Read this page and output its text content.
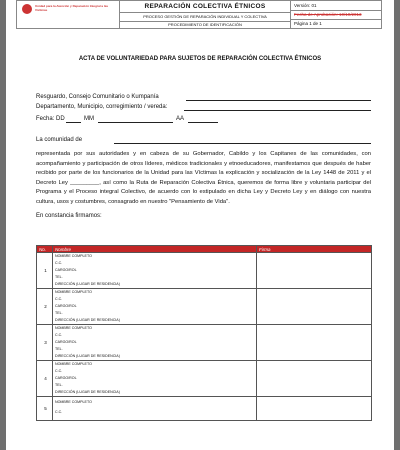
Unidad para la Atención y Reparación Integral a las Víctimas	REPARACIÓN COLECTIVA ÉTNICOS
PROCESO GESTIÓN DE REPARACIÓN INDIVIDUAL Y COLECTIVA
PROCEDIMIENTO DE IDENTIFICACIÓN
Versión: 01
Fecha de Aprobación: 10/10/2013
Página 1 de 1
ACTA DE VOLUNTARIEDAD PARA SUJETOS DE REPARACIÓN COLECTIVA ÉTNICOS
Resguardo, Consejo Comunitario o Kumpanía
Departamento, Municipio, corregimiento / vereda:
Fecha: DD	MM	AA
La comunidad de
representada por sus autoridades y en cabeza de su Gobernador, Cabildo y los Capitanes de las comunidades, con acompañamiento y participación de otros líderes, médicos tradicionales y etnoeducadores, manifestamos que después de haber recibido por parte de los funcionarios de la Unidad para las Víctimas la explicación y socialización de la Ley 1448 de 2011 y el Decreto Ley _________, así como la Ruta de Reparación Colectiva Étnica, queremos de forma libre y voluntaria participar del Programa y el Proceso integral Colectivo, de acuerdo con lo estipulado en dicha Ley y Decreto Ley y en diálogo con nuestra cultura, usos y costumbres, consagrado en nuestro "Pensamiento de Vida".
En constancia firmamos:
No.	Nombre	Firma
1	NOMBRE COMPLETO
C.C.
CARGO/ROL
TEL.
DIRECCIÓN (LUGAR DE RESIDENCIA)	

2	NOMBRE COMPLETO
C.C.
CARGO/ROL
TEL.
DIRECCIÓN (LUGAR DE RESIDENCIA)	

3	NOMBRE COMPLETO
C.C.
CARGO/ROL
TEL.
DIRECCIÓN (LUGAR DE RESIDENCIA)	

4	NOMBRE COMPLETO
C.C.
CARGO/ROL
TEL.
DIRECCIÓN (LUGAR DE RESIDENCIA)	

5	NOMBRE COMPLETO
C.C.	
